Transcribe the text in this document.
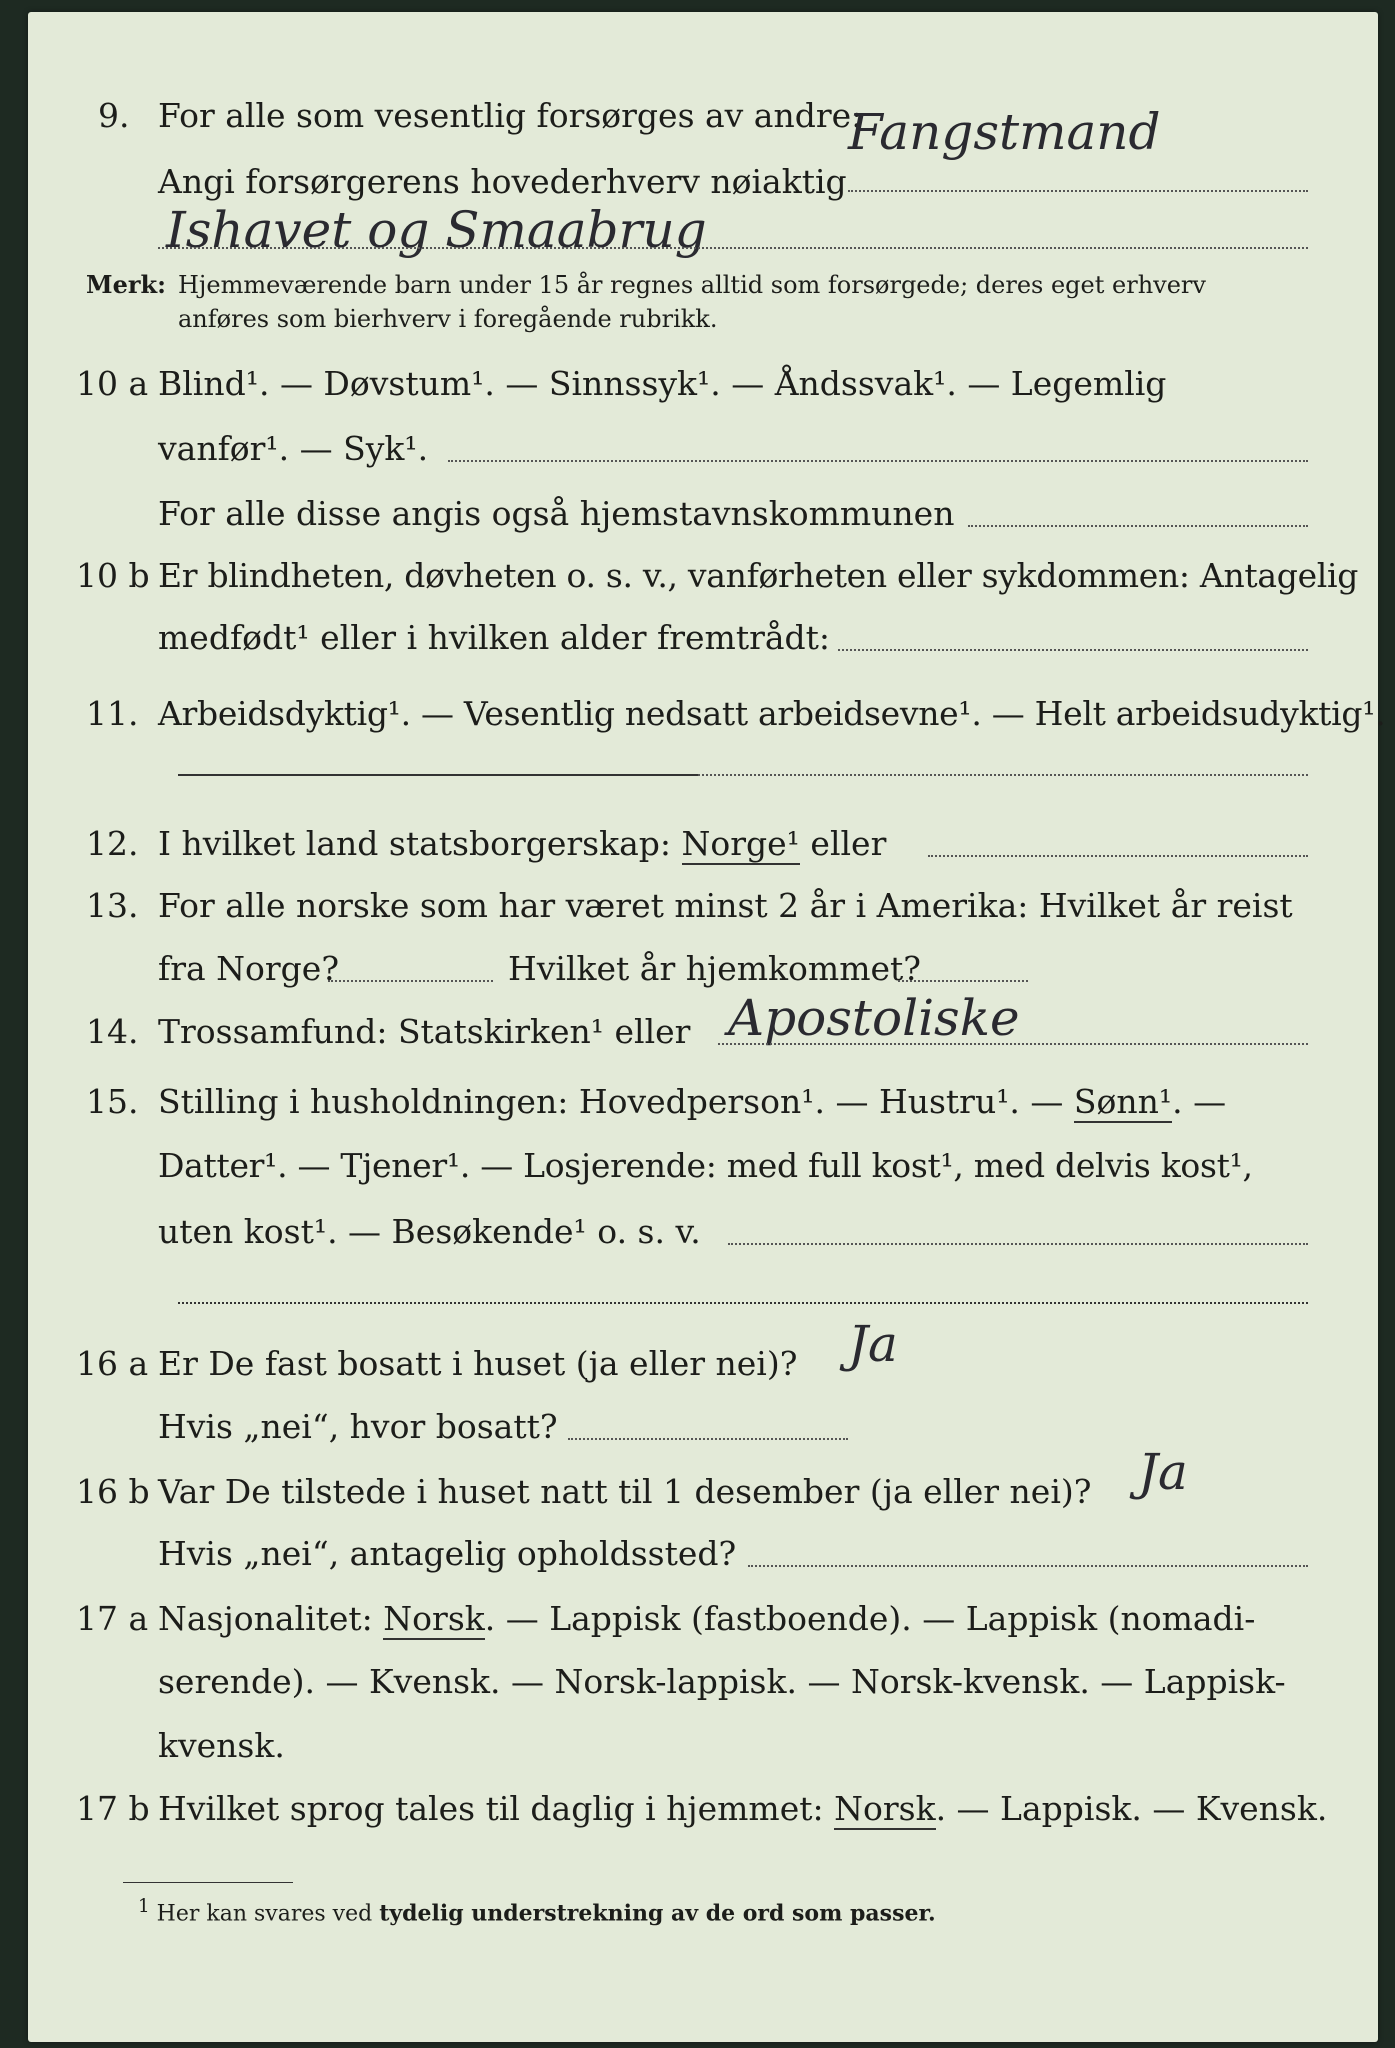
9. For alle som vesentlig forsørges av andre:
Fangstmand
Angi forsørgerens hovederhverv nøiaktig
Ishavet og Smaabrug
Merk: Hjemmeværende barn under 15 år regnes alltid som forsørgede; deres eget erhverv
anføres som bierhverv i foregående rubrikk.
10 a Blind¹. — Døvstum¹. — Sinnssyk¹. — Åndssvak¹. — Legemlig
vanfør¹. — Syk¹.
For alle disse angis også hjemstavnskommunen
10 b Er blindheten, døvheten o. s. v., vanførheten eller sykdommen: Antagelig
medfødt¹ eller i hvilken alder fremtrådt:
11. Arbeidsdyktig¹. — Vesentlig nedsatt arbeidsevne¹. — Helt arbeidsudyktig¹.
12. I hvilket land statsborgerskap: Norge¹ eller
13. For alle norske som har været minst 2 år i Amerika: Hvilket år reist
fra Norge?	Hvilket år hjemkommet?
14. Trossamfund: Statskirken¹ eller Apostoliske
15. Stilling i husholdningen: Hovedperson¹. — Hustru¹. — Sønn¹. —
Datter¹. — Tjener¹. — Losjerende: med full kost¹, med delvis kost¹,
uten kost¹. — Besøkende¹ o. s. v.
16 a Er De fast bosatt i huset (ja eller nei)? Ja
Hvis „nei“, hvor bosatt?
16 b Var De tilstede i huset natt til 1 desember (ja eller nei)? Ja
Hvis „nei“, antagelig opholdssted?
17 a Nasjonalitet: Norsk. — Lappisk (fastboende). — Lappisk (nomadi-
serende). — Kvensk. — Norsk-lappisk. — Norsk-kvensk. — Lappisk-
kvensk.
17 b Hvilket sprog tales til daglig i hjemmet: Norsk. — Lappisk. — Kvensk.
$^1$ Her kan svares ved tydelig understrekning av de ord som passer.
